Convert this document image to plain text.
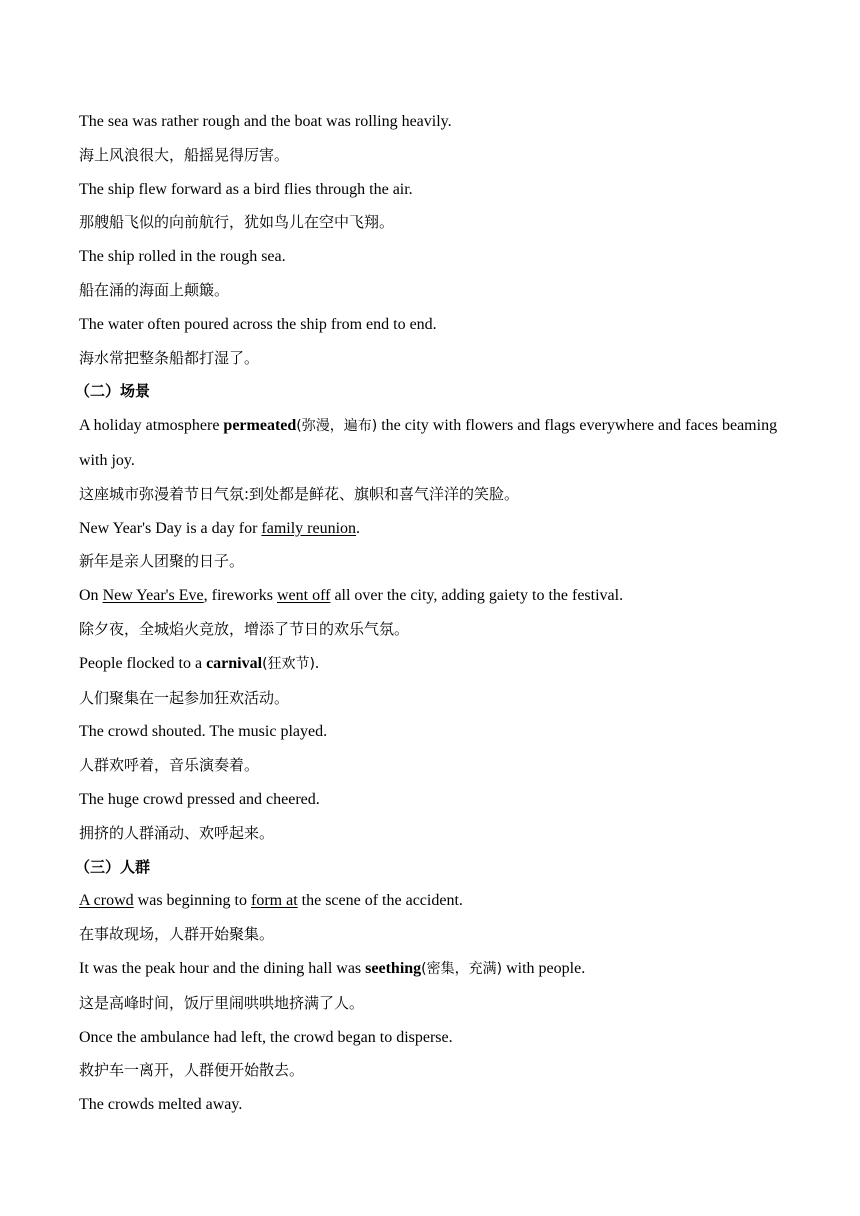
The sea was rather rough and the boat was rolling heavily.
海上风浪很大，船摇晃得厉害。
The ship flew forward as a bird flies through the air.
那艘船飞似的向前航行，犹如鸟儿在空中飞翔。
The ship rolled in the rough sea.
船在涌的海面上颠簸。
The water often poured across the ship from end to end.
海水常把整条船都打湿了。
（二）场景
A holiday atmosphere permeated(弥漫，遍布) the city with flowers and flags everywhere and faces beaming with joy.
这座城市弥漫着节日气氛:到处都是鲜花、旗帜和喜气洋洋的笑脸。
New Year's Day is a day for family reunion.
新年是亲人团聚的日子。
On New Year's Eve, fireworks went off all over the city, adding gaiety to the festival.
除夕夜，全城焰火竞放，增添了节日的欢乐气氛。
People flocked to a carnival(狂欢节).
人们聚集在一起参加狂欢活动。
The crowd shouted. The music played.
人群欢呼着，音乐演奏着。
The huge crowd pressed and cheered.
拥挤的人群涌动、欢呼起来。
（三）人群
A crowd was beginning to form at the scene of the accident.
在事故现场，人群开始聚集。
It was the peak hour and the dining hall was seething(密集，充满) with people.
这是高峰时间，饭厅里闹哄哄地挤满了人。
Once the ambulance had left, the crowd began to disperse.
救护车一离开，人群便开始散去。
The crowds melted away.
